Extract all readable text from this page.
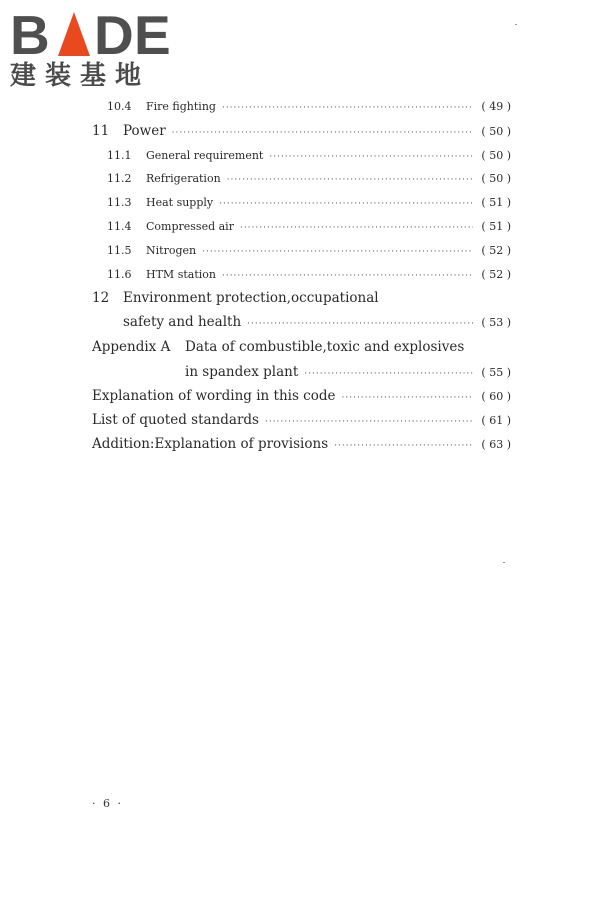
B D E
建装基地
10.4	Fire fighting ·····	( 49 )
11	Power ·····	( 50 )
11.1	General requirement ·····	( 50 )
11.2	Refrigeration ·····	( 50 )
11.3	Heat supply ·····	( 51 )
11.4	Compressed air ·····	( 51 )
11.5	Nitrogen ·····	( 52 )
11.6	HTM station ·····	( 52 )
12 Environment protection,occupational
safety and health ·····	( 53 )
Appendix A Data of combustible,toxic and explosives
in spandex plant ·····	( 55 )
Explanation of wording in this code ·····	( 60 )
List of quoted standards ·····	( 61 )
Addition:Explanation of provisions ·····	( 63 )
· 6 ·
